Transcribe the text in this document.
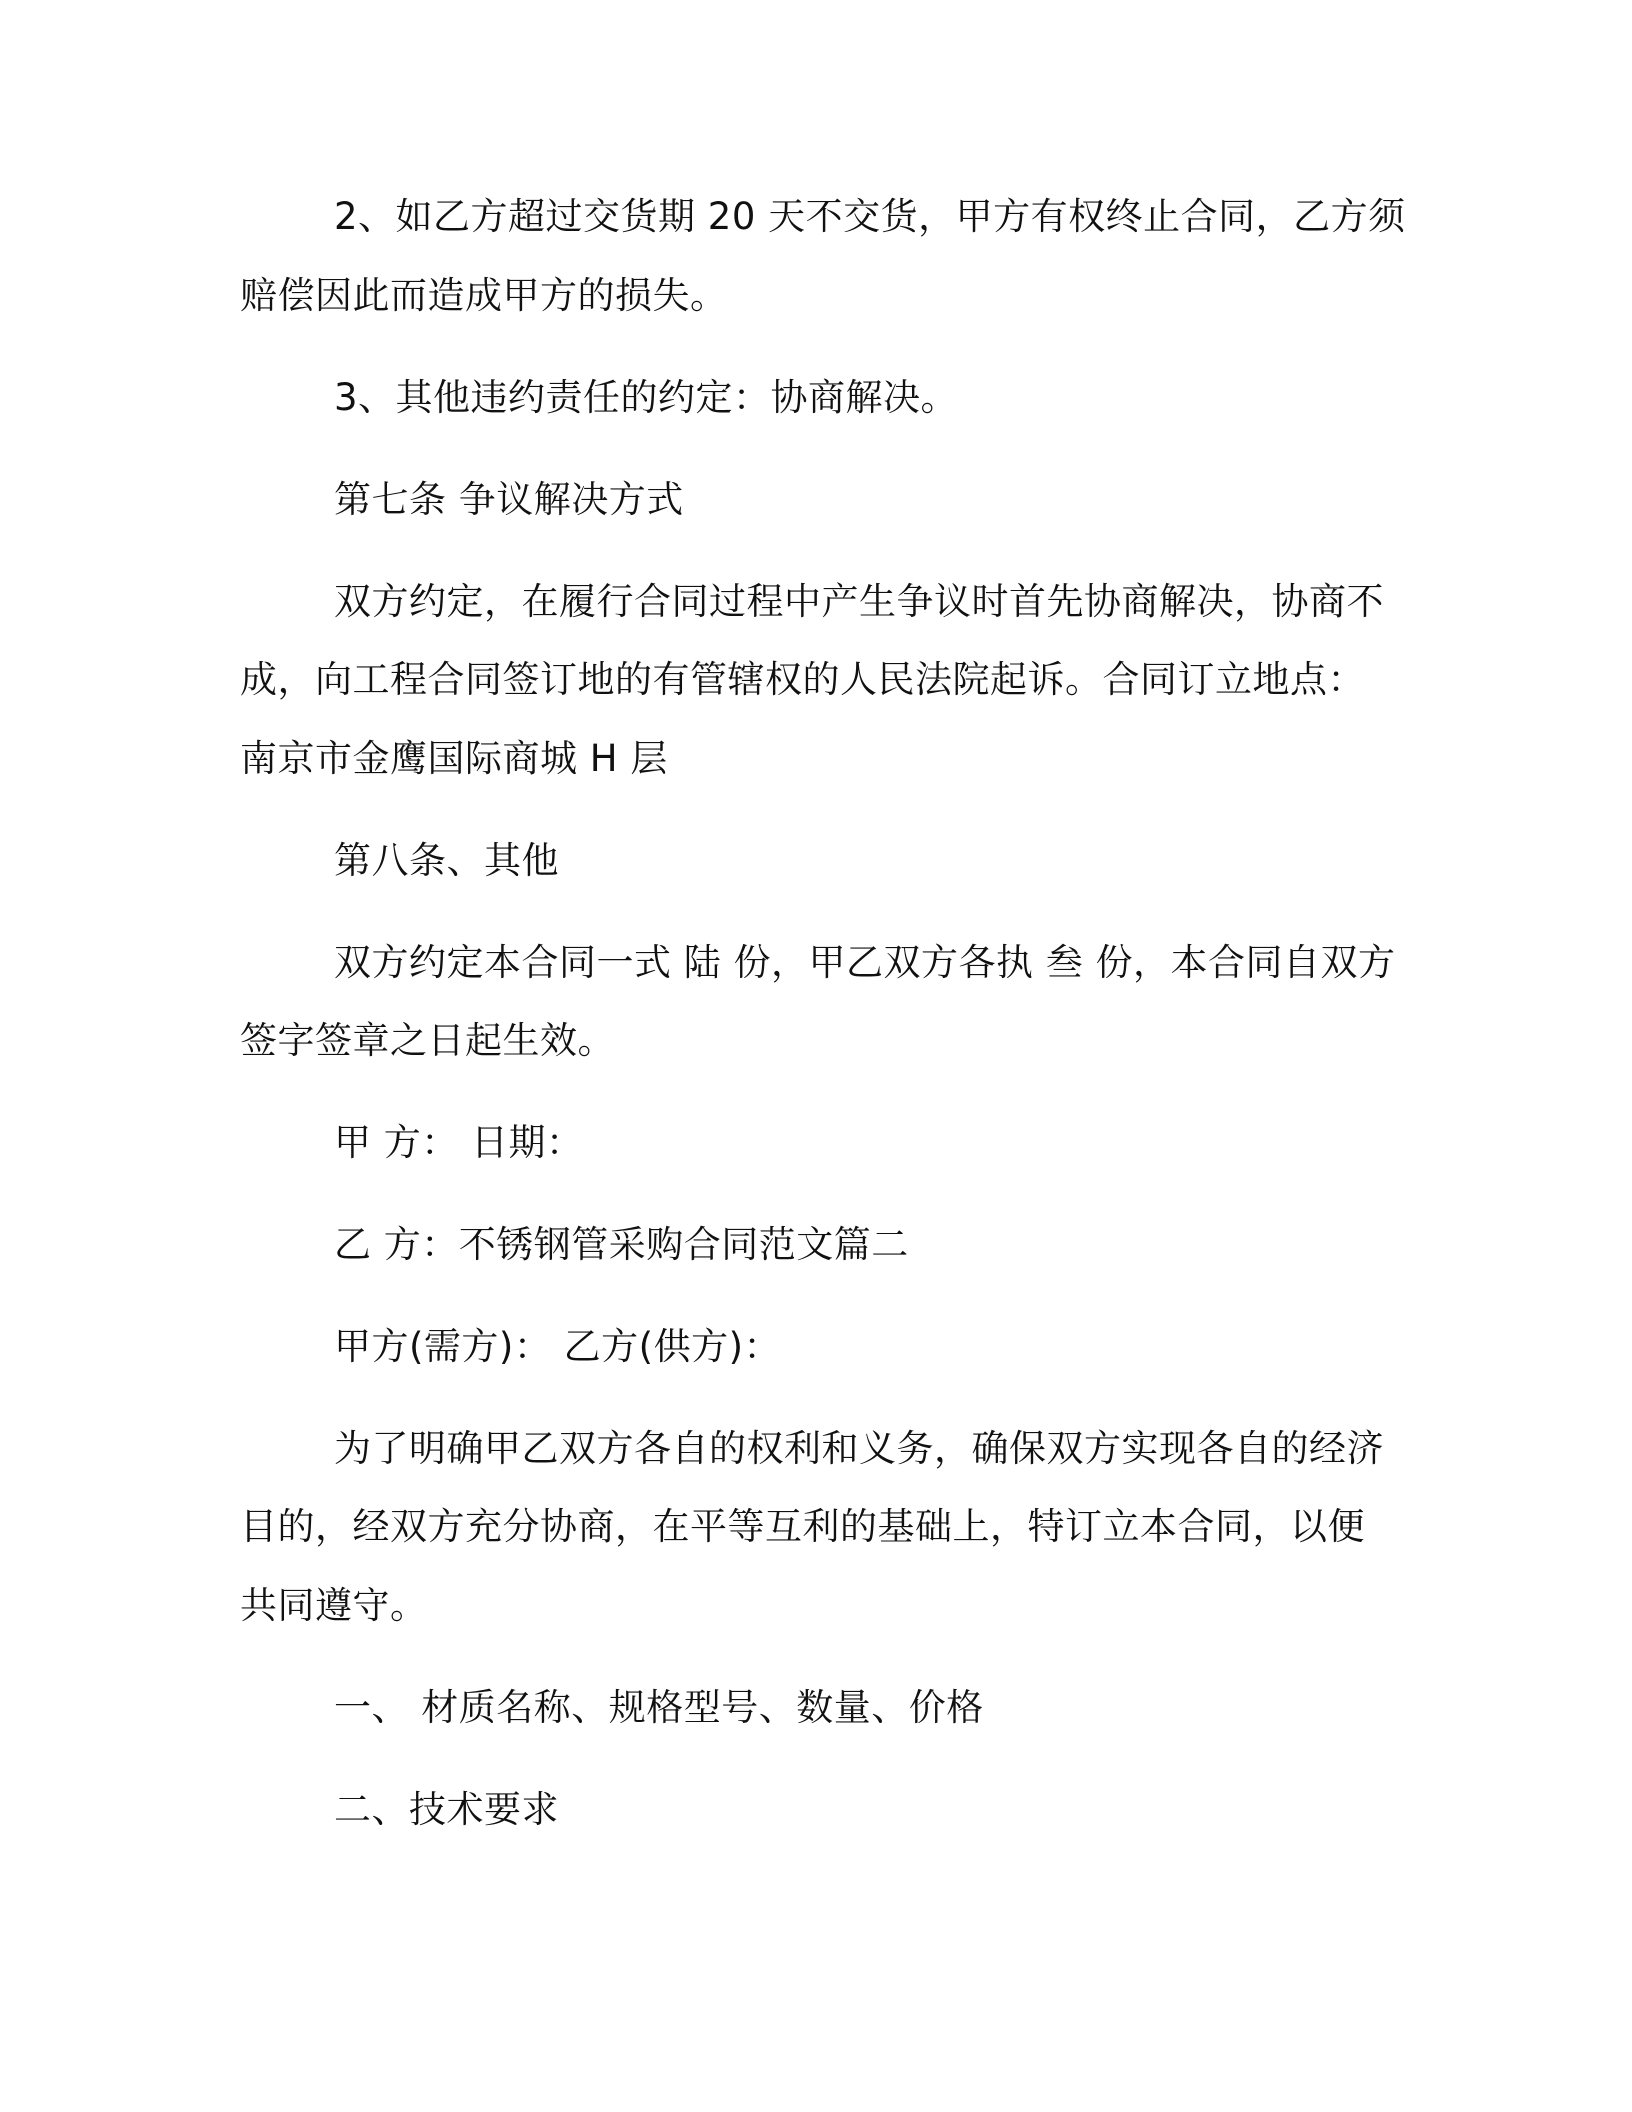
2、如乙方超过交货期 20 天不交货，甲方有权终止合同，乙方须
赔偿因此而造成甲方的损失。
3、其他违约责任的约定：协商解决。
第七条 争议解决方式
双方约定，在履行合同过程中产生争议时首先协商解决，协商不
成，向工程合同签订地的有管辖权的人民法院起诉。合同订立地点：
南京市金鹰国际商城 H 层
第八条、其他
双方约定本合同一式 陆 份，甲乙双方各执 叁 份，本合同自双方
签字签章之日起生效。
甲 方： 日期：
乙 方：不锈钢管采购合同范文篇二
甲方(需方)： 乙方(供方)：
为了明确甲乙双方各自的权利和义务，确保双方实现各自的经济
目的，经双方充分协商，在平等互利的基础上，特订立本合同，以便
共同遵守。
一、 材质名称、规格型号、数量、价格
二、技术要求
